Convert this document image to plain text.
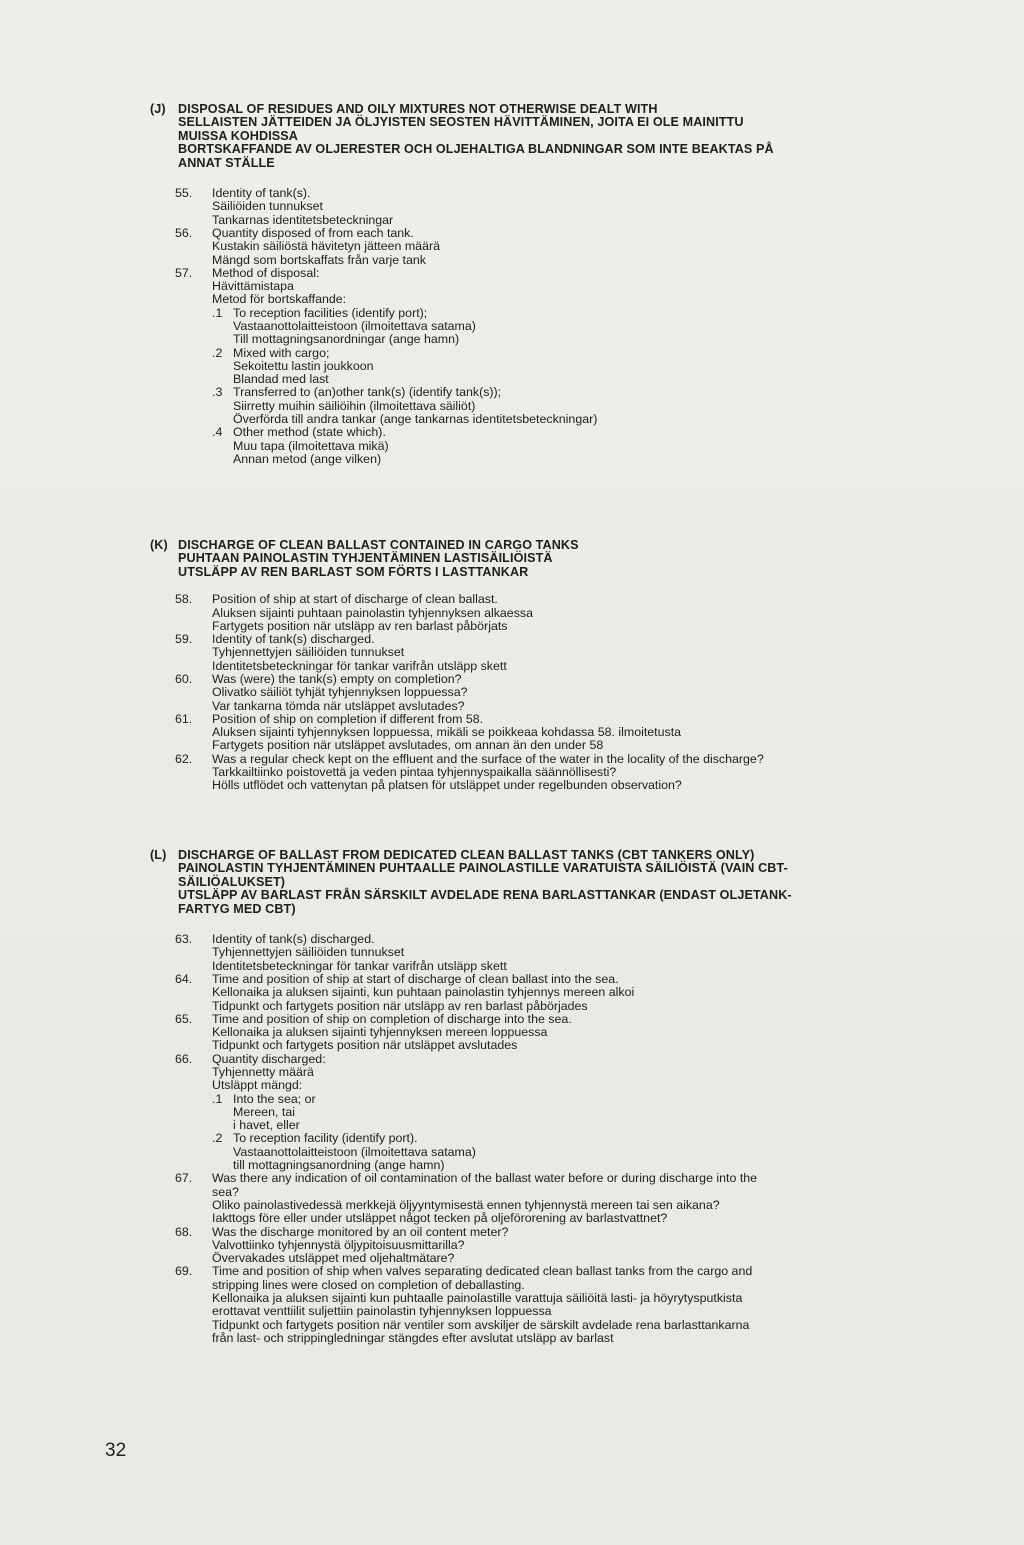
(J) DISPOSAL OF RESIDUES AND OILY MIXTURES NOT OTHERWISE DEALT WITH
SELLAISTEN JÄTTEIDEN JA ÖLJYISTEN SEOSTEN HÄVITTÄMINEN, JOITA EI OLE MAINITTU
MUISSA KOHDISSA
BORTSKAFFANDE AV OLJERESTER OCH OLJEHALTIGA BLANDNINGAR SOM INTE BEAKTAS PÅ
ANNAT STÄLLE
55.	Identity of tank(s).
Säiliöiden tunnukset
Tankarnas identitetsbeteckningar
56.	Quantity disposed of from each tank.
Kustakin säiliöstä hävitetyn jätteen määrä
Mängd som bortskaffats från varje tank
57.	Method of disposal:
Hävittämistapa
Metod för bortskaffande:
.1 To reception facilities (identify port);
Vastaanottolaitteistoon (ilmoitettava satama)
Till mottagningsanordningar (ange hamn)
.2 Mixed with cargo;
Sekoitettu lastin joukkoon
Blandad med last
.3 Transferred to (an)other tank(s) (identify tank(s));
Siirretty muihin säiliöihin (ilmoitettava säiliöt)
Överförda till andra tankar (ange tankarnas identitetsbeteckningar)
.4 Other method (state which).
Muu tapa (ilmoitettava mikä)
Annan metod (ange vilken)
(K) DISCHARGE OF CLEAN BALLAST CONTAINED IN CARGO TANKS
PUHTAAN PAINOLASTIN TYHJENTÄMINEN LASTISÄILIÖISTÄ
UTSLÄPP AV REN BARLAST SOM FÖRTS I LASTTANKAR
58.	Position of ship at start of discharge of clean ballast.
Aluksen sijainti puhtaan painolastin tyhjennyksen alkaessa
Fartygets position när utsläpp av ren barlast påbörjats
59.	Identity of tank(s) discharged.
Tyhjennettyjen säiliöiden tunnukset
Identitetsbeteckningar för tankar varifrån utsläpp skett
60.	Was (were) the tank(s) empty on completion?
Olivatko säiliöt tyhjät tyhjennyksen loppuessa?
Var tankarna tömda när utsläppet avslutades?
61.	Position of ship on completion if different from 58.
Aluksen sijainti tyhjennyksen loppuessa, mikäli se poikkeaa kohdassa 58. ilmoitetusta
Fartygets position när utsläppet avslutades, om annan än den under 58
62.	Was a regular check kept on the effluent and the surface of the water in the locality of the discharge?
Tarkkailtiinko poistovettä ja veden pintaa tyhjennyspaikalla säännöllisesti?
Hölls utflödet och vattenytan på platsen för utsläppet under regelbunden observation?
(L) DISCHARGE OF BALLAST FROM DEDICATED CLEAN BALLAST TANKS (CBT TANKERS ONLY)
PAINOLASTIN TYHJENTÄMINEN PUHTAALLE PAINOLASTILLE VARATUISTA SÄILIÖISTÄ (VAIN CBT-
SÄILIÖALUKSET)
UTSLÄPP AV BARLAST FRÅN SÄRSKILT AVDELADE RENA BARLASTTANKAR (ENDAST OLJETANK-
FARTYG MED CBT)
63.	Identity of tank(s) discharged.
Tyhjennettyjen säiliöiden tunnukset
Identitetsbeteckningar för tankar varifrån utsläpp skett
64.	Time and position of ship at start of discharge of clean ballast into the sea.
Kellonaika ja aluksen sijainti, kun puhtaan painolastin tyhjennys mereen alkoi
Tidpunkt och fartygets position när utsläpp av ren barlast påbörjades
65.	Time and position of ship on completion of discharge into the sea.
Kellonaika ja aluksen sijainti tyhjennyksen mereen loppuessa
Tidpunkt och fartygets position när utsläppet avslutades
66.	Quantity discharged:
Tyhjennetty määrä
Utsläppt mängd:
.1 Into the sea; or
Mereen, tai
i havet, eller
.2 To reception facility (identify port).
Vastaanottolaitteistoon (ilmoitettava satama)
till mottagningsanordning (ange hamn)
67.	Was there any indication of oil contamination of the ballast water before or during discharge into the
sea?
Oliko painolastivedessä merkkejä öljyyntymisestä ennen tyhjennystä mereen tai sen aikana?
Iakttogs före eller under utsläppet något tecken på oljeförorening av barlastvattnet?
68.	Was the discharge monitored by an oil content meter?
Valvottiinko tyhjennystä öljypitoisuusmittarilla?
Övervakades utsläppet med oljehaltmätare?
69.	Time and position of ship when valves separating dedicated clean ballast tanks from the cargo and
stripping lines were closed on completion of deballasting.
Kellonaika ja aluksen sijainti kun puhtaalle painolastille varattuja säiliöitä lasti- ja höyrytysputkista
erottavat venttiilit suljettiin painolastin tyhjennyksen loppuessa
Tidpunkt och fartygets position när ventiler som avskiljer de särskilt avdelade rena barlasttankarna
från last- och strippingledningar stängdes efter avslutat utsläpp av barlast
32
